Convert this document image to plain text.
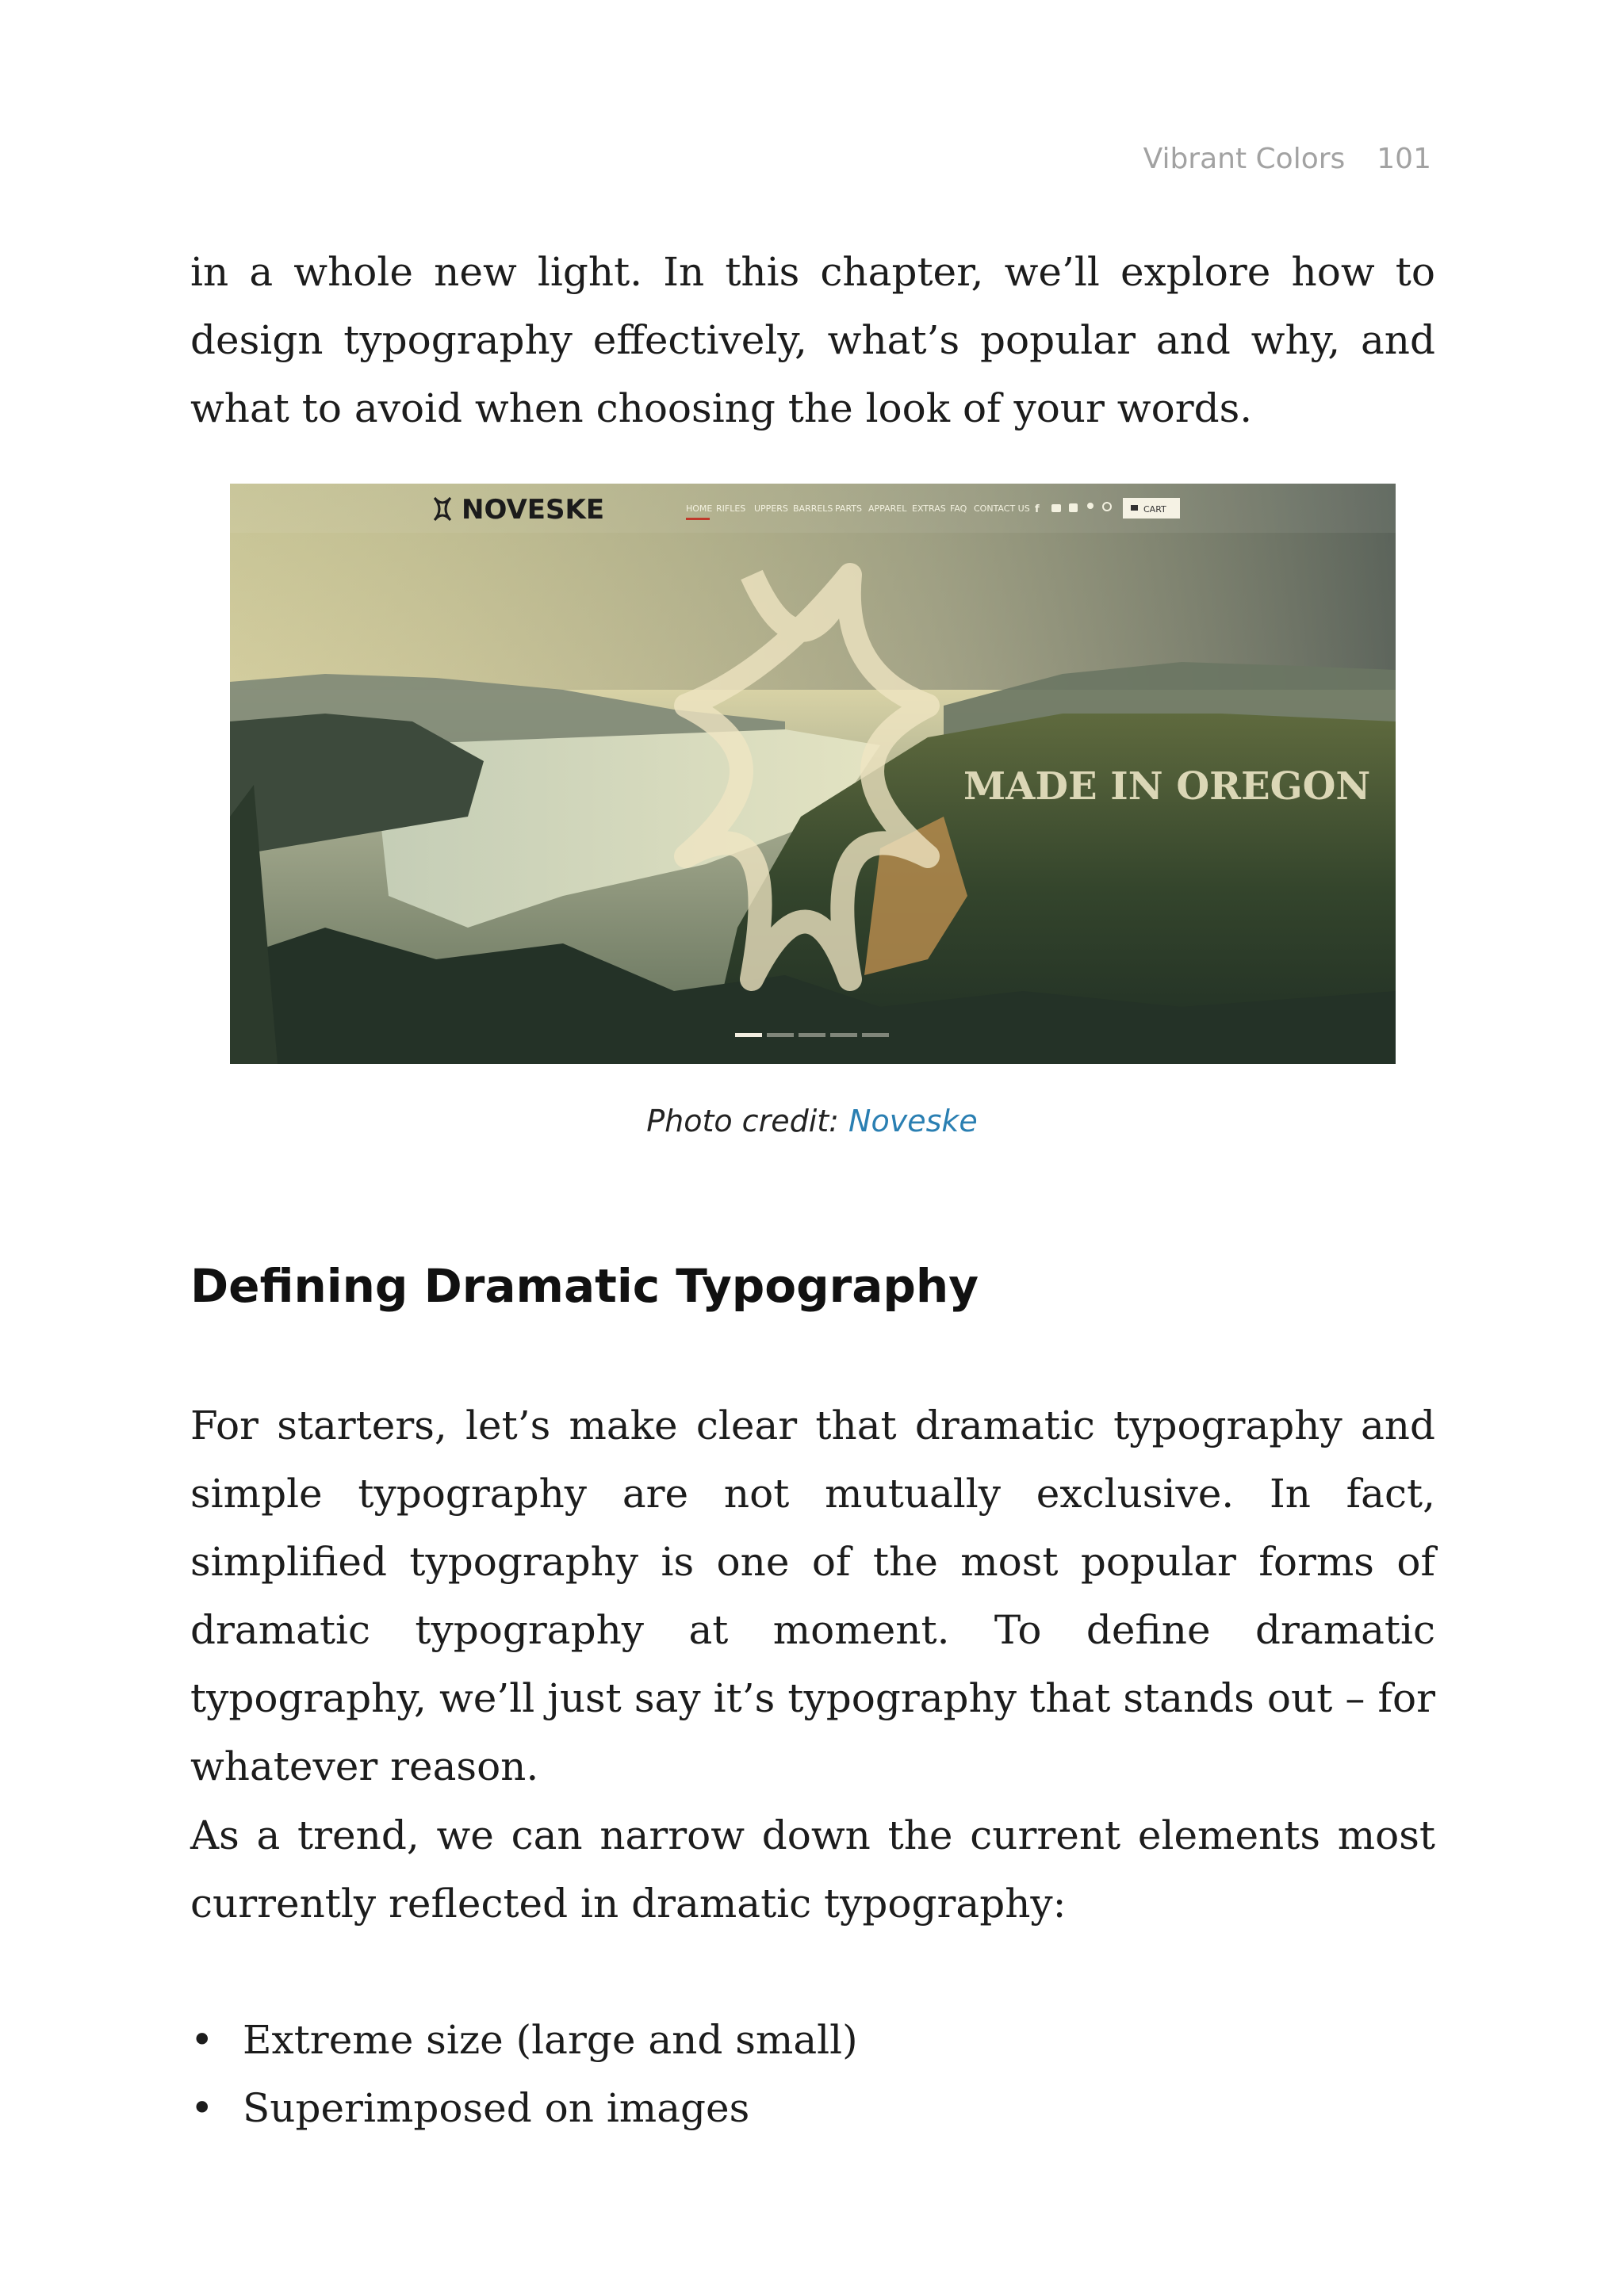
Vibrant Colors 101

in a whole new light. In this chapter, we’ll explore how to design typography effectively, what’s popular and why, and what to avoid when choosing the look of your words.

NOVESKE	HOME RIFLES UPPERS BARRELS PARTS APPAREL EXTRAS FAQ CONTACT US f	CART
MADE IN OREGON
Photo credit: Noveske
Defining Dramatic Typography

For starters, let’s make clear that dramatic typography and simple typography are not mutually exclusive. In fact, simplified typography is one of the most popular forms of dramatic typography at moment. To define dramatic typography, we’ll just say it’s typography that stands out – for whatever reason.

As a trend, we can narrow down the current elements most currently reflected in dramatic typography:

• Extreme size (large and small)
• Superimposed on images
